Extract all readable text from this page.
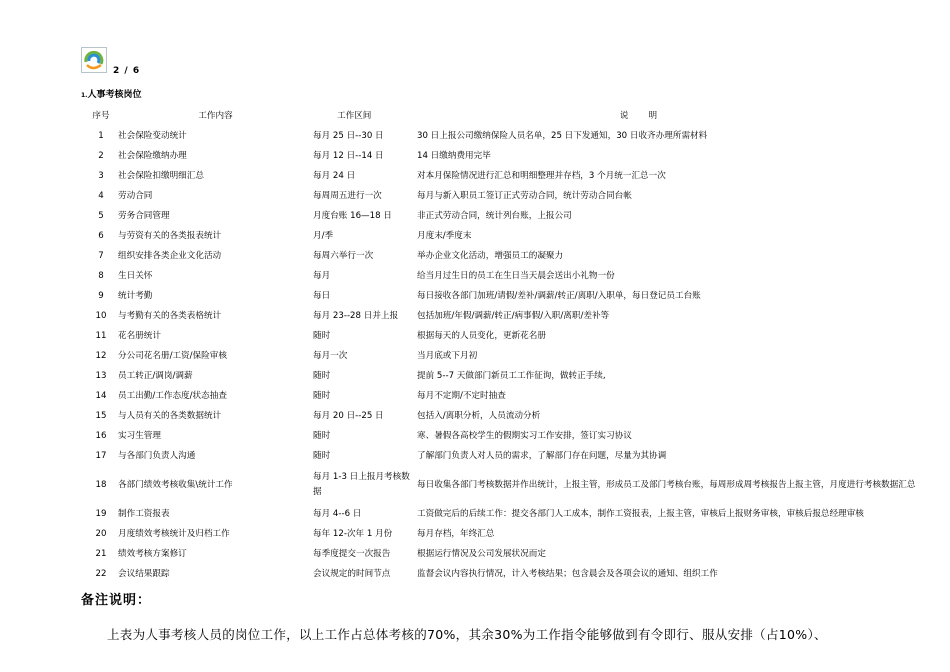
2 / 6
1.人事考核岗位
序号	工作内容	工作区间	说 明
1	社会保险变动统计	每月 25 日--30 日	30 日上报公司缴纳保险人员名单，25 日下发通知，30 日收齐办理所需材料
2	社会保险缴纳办理	每月 12 日--14 日	14 日缴纳费用完毕
3	社会保险扣缴明细汇总	每月 24 日	对本月保险情况进行汇总和明细整理并存档，3 个月统一汇总一次
4	劳动合同	每周周五进行一次	每月与新入职员工签订正式劳动合同，统计劳动合同台帐
5	劳务合同管理	月度台账 16—18 日	非正式劳动合同，统计列台账，上报公司
6	与劳资有关的各类报表统计	月/季	月度末/季度末
7	组织安排各类企业文化活动	每周六举行一次	举办企业文化活动，增强员工的凝聚力
8	生日关怀	每月	给当月过生日的员工在生日当天晨会送出小礼物一份
9	统计考勤	每日	每日接收各部门加班/请假/差补/调薪/转正/离职/入职单，每日登记员工台账
10	与考勤有关的各类表格统计	每月 23--28 日并上报	包括加班/年假/调薪/转正/病事假/入职/离职/差补等
11	花名册统计	随时	根据每天的人员变化，更新花名册
12	分公司花名册/工资/保险审核	每月一次	当月底或下月初
13	员工转正/调岗/调薪	随时	提前 5--7 天做部门新员工工作征询，做转正手续,
14	员工出勤/工作态度/状态抽查	随时	每月不定期/不定时抽查
15	与人员有关的各类数据统计	每月 20 日--25 日	包括入/离职分析，人员流动分析
16	实习生管理	随时	寒、暑假各高校学生的假期实习工作安排，签订实习协议
17	与各部门负责人沟通	随时	了解部门负责人对人员的需求，了解部门存在问题，尽量为其协调
18	各部门绩效考核收集\统计工作	每月 1-3 日上报月考核数据	每日收集各部门考核数据并作出统计，上报主管，形成员工及部门考核台账，每周形成周考核报告上报主管，月度进行考核数据汇总
19	制作工资报表	每月 4--6 日	工资做完后的后续工作：提交各部门人工成本，制作工资报表，上报主管，审核后上报财务审核，审核后报总经理审核
20	月度绩效考核统计及归档工作	每年 12-次年 1 月份	每月存档，年终汇总
21	绩效考核方案修订	每季度提交一次报告	根据运行情况及公司发展状况而定
22	会议结果跟踪	会议规定的时间节点	监督会议内容执行情况，计入考核结果；包含晨会及各项会议的通知、组织工作
备注说明：
上表为人事考核人员的岗位工作，以上工作占总体考核的70%，其余30%为工作指令能够做到有令即行、服从安排（占10%）、
